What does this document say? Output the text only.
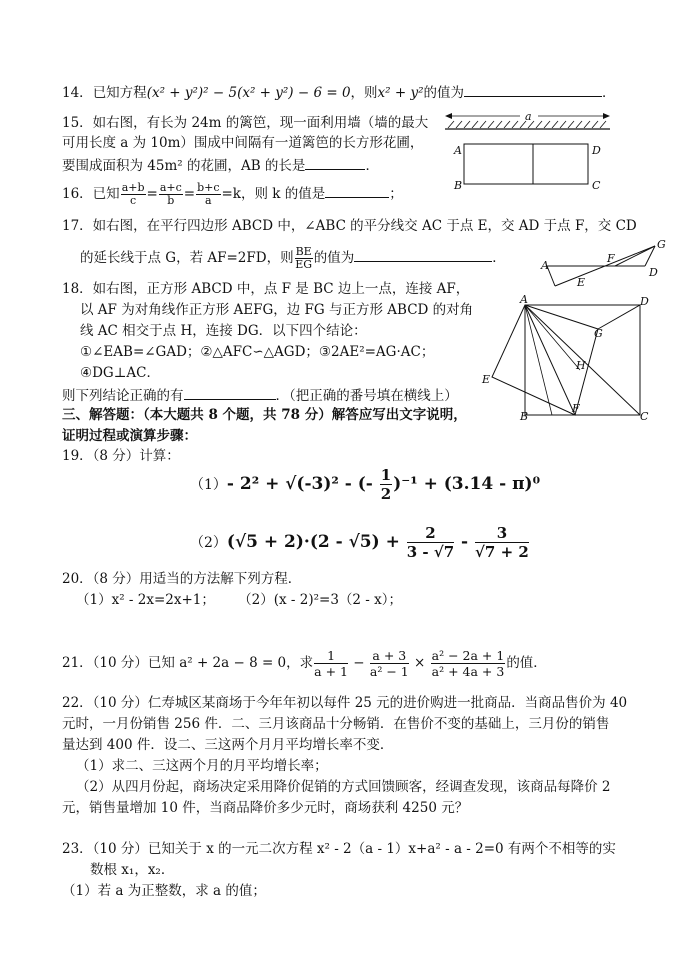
14．已知方程(x² + y²)² − 5(x² + y²) − 6 = 0，则x² + y²的值为	．
15．如右图，有长为 24m 的篱笆，现一面利用墙（墙的最大
可用长度 a 为 10m）围成中间隔有一道篱笆的长方形花圃，
要围成面积为 45m² 的花圃，AB 的长是	．
a
A
B
D
C
16．已知 $\frac{a+b}{c} = \frac{a+c}{b} = \frac{b+c}{a} =k$，则 k 的值是	；
17．如右图，在平行四边形 ABCD 中，∠ABC 的平分线交 AC 于点 E，交 AD 于点 F，交 CD
的延长线于点 G，若 AF=2FD，则 $\frac{BE}{EG}$ 的值为	．	A
E
F
D
G
18．如右图，正方形 ABCD 中，点 F 是 BC 边上一点，连接 AF，
以 AF 为对角线作正方形 AEFG，边 FG 与正方形 ABCD 的对角
线 AC 相交于点 H，连接 DG．以下四个结论：
①∠EAB=∠GAD；②△AFC∽△AGD；③2AE²=AG·AC；
④DG⊥AC．
则下列结论正确的有	．（把正确的番号填在横线上）
A	D
G
H
E
B
F
C
三、解答题：（本大题共 8 个题，共 78 分）解答应写出文字说明，
证明过程或演算步骤：
19．（8 分）计算：
（1）- 2² + √(-3)² - (- $\frac{1}{2} )^{-1} + (3.14 - \pi)^0$
$(2)(√5 + 2)\cdot(2 - √5) + \frac{2}{3 - √7} - \frac{3}{√7 + 2}$
20．（8 分）用适当的方法解下列方程．
（1）x² - 2x=2x+1； （2）(x - 2)²=3（2 - x）；
21．（10 分）已知 a² + 2a − 8 = 0，求 $\frac{1}{a + 1} - \frac{a + 3}{\text{a² − 1}} \times \frac{\text{a² − 2a + 1}}{\text{a² + 4a + 3}}$ 的值．
22．（10 分）仁寿城区某商场于今年年初以每件 25 元的进价购进一批商品．当商品售价为 40
元时，一月份销售 256 件．二、三月该商品十分畅销．在售价不变的基础上，三月份的销售
量达到 400 件．设二、三这两个月月平均增长率不变．
（1）求二、三这两个月的月平均增长率；
（2）从四月份起，商场决定采用降价促销的方式回馈顾客，经调查发现，该商品每降价 2
元，销售量增加 10 件，当商品降价多少元时，商场获利 4250 元？
23．（10 分）已知关于 x 的一元二次方程 x² - 2（a - 1）x+a² - a - 2=0 有两个不相等的实
数根 x₁，x₂．
（1）若 a 为正整数，求 a 的值；
